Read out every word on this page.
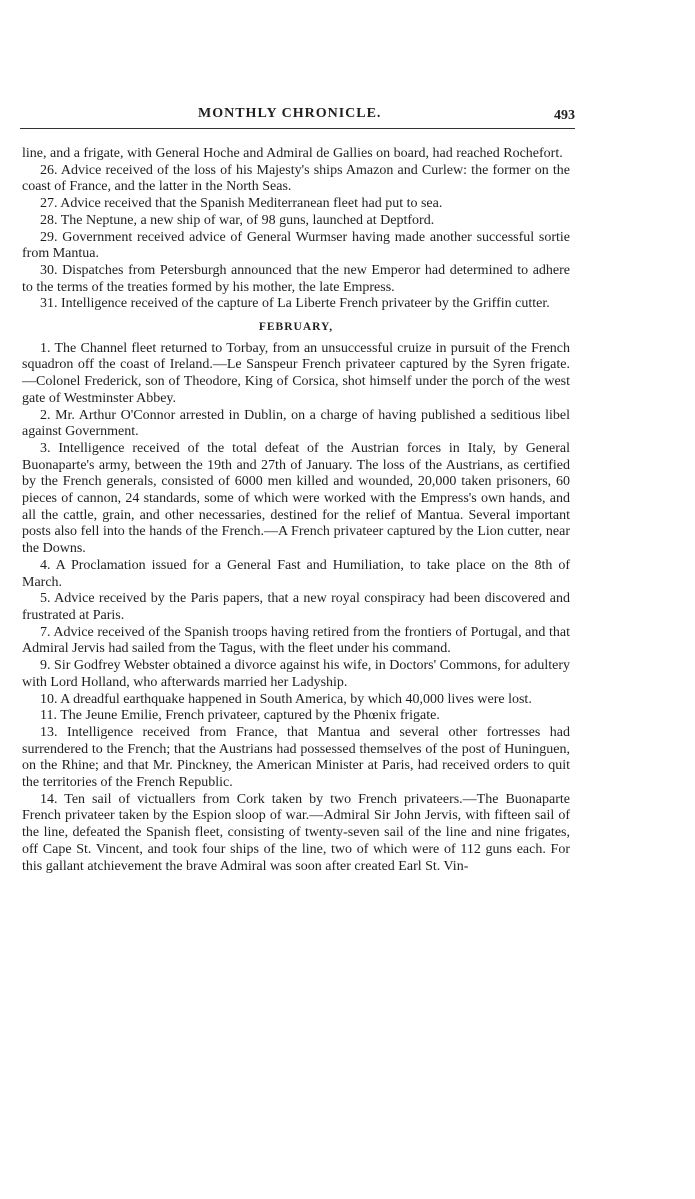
MONTHLY CHRONICLE.	493

line, and a frigate, with General Hoche and Admiral de Gallies on board, had reached Rochefort.

26. Advice received of the loss of his Majesty's ships Amazon and Curlew: the former on the coast of France, and the latter in the North Seas.

27. Advice received that the Spanish Mediterranean fleet had put to sea.

28. The Neptune, a new ship of war, of 98 guns, launched at Deptford.

29. Government received advice of General Wurmser having made another successful sortie from Mantua.

30. Dispatches from Petersburgh announced that the new Emperor had determined to adhere to the terms of the treaties formed by his mother, the late Empress.

31. Intelligence received of the capture of La Liberte French privateer by the Griffin cutter.

FEBRUARY,

1. The Channel fleet returned to Torbay, from an unsuccessful cruize in pursuit of the French squadron off the coast of Ireland.—Le Sanspeur French privateer captured by the Syren frigate.—Colonel Frederick, son of Theodore, King of Corsica, shot himself under the porch of the west gate of Westminster Abbey.

2. Mr. Arthur O'Connor arrested in Dublin, on a charge of having published a seditious libel against Government.

3. Intelligence received of the total defeat of the Austrian forces in Italy, by General Buonaparte's army, between the 19th and 27th of January. The loss of the Austrians, as certified by the French generals, consisted of 6000 men killed and wounded, 20,000 taken prisoners, 60 pieces of cannon, 24 standards, some of which were worked with the Empress's own hands, and all the cattle, grain, and other necessaries, destined for the relief of Mantua. Several important posts also fell into the hands of the French.—A French privateer captured by the Lion cutter, near the Downs.

4. A Proclamation issued for a General Fast and Humiliation, to take place on the 8th of March.

5. Advice received by the Paris papers, that a new royal conspiracy had been discovered and frustrated at Paris.

7. Advice received of the Spanish troops having retired from the frontiers of Portugal, and that Admiral Jervis had sailed from the Tagus, with the fleet under his command.

9. Sir Godfrey Webster obtained a divorce against his wife, in Doctors' Commons, for adultery with Lord Holland, who afterwards married her Ladyship.

10. A dreadful earthquake happened in South America, by which 40,000 lives were lost.

11. The Jeune Emilie, French privateer, captured by the Phœnix frigate.

13. Intelligence received from France, that Mantua and several other fortresses had surrendered to the French; that the Austrians had possessed themselves of the post of Huninguen, on the Rhine; and that Mr. Pinckney, the American Minister at Paris, had received orders to quit the territories of the French Republic.

14. Ten sail of victuallers from Cork taken by two French privateers.—The Buonaparte French privateer taken by the Espion sloop of war.—Admiral Sir John Jervis, with fifteen sail of the line, defeated the Spanish fleet, consisting of twenty-seven sail of the line and nine frigates, off Cape St. Vincent, and took four ships of the line, two of which were of 112 guns each. For this gallant atchievement the brave Admiral was soon after created Earl St. Vin-
